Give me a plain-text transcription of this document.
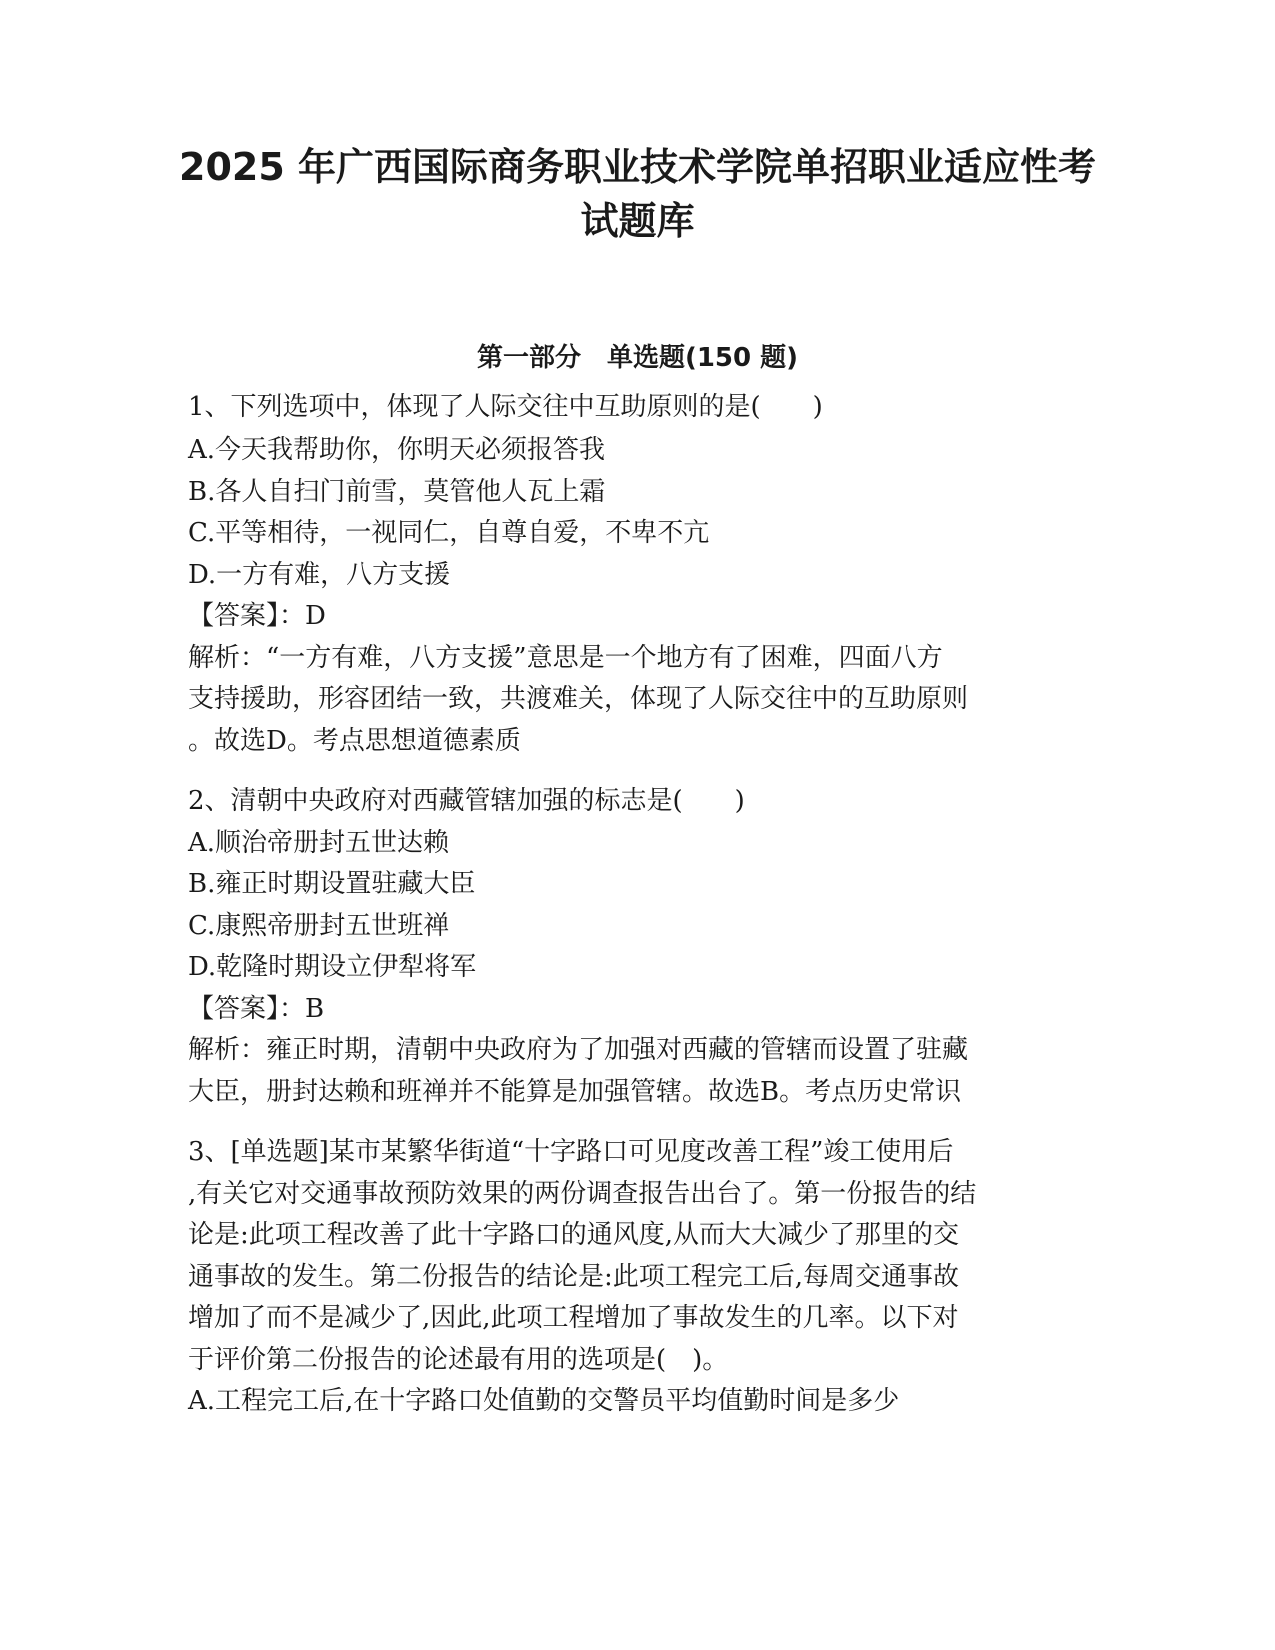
2025 年广西国际商务职业技术学院单招职业适应性考
试题库
第一部分　单选题(150 题)

1、下列选项中，体现了人际交往中互助原则的是(　　)

A.今天我帮助你，你明天必须报答我

B.各人自扫门前雪，莫管他人瓦上霜

C.平等相待，一视同仁，自尊自爱，不卑不亢

D.一方有难，八方支援

【答案】：D

解析：“一方有难，八方支援”意思是一个地方有了困难，四面八方

支持援助，形容团结一致，共渡难关，体现了人际交往中的互助原则

。故选D。考点思想道德素质

2、清朝中央政府对西藏管辖加强的标志是(　　)

A.顺治帝册封五世达赖

B.雍正时期设置驻藏大臣

C.康熙帝册封五世班禅

D.乾隆时期设立伊犁将军

【答案】：B

解析：雍正时期，清朝中央政府为了加强对西藏的管辖而设置了驻藏

大臣，册封达赖和班禅并不能算是加强管辖。故选B。考点历史常识

3、[单选题]某市某繁华街道“十字路口可见度改善工程”竣工使用后

,有关它对交通事故预防效果的两份调查报告出台了。第一份报告的结

论是:此项工程改善了此十字路口的通风度,从而大大减少了那里的交

通事故的发生。第二份报告的结论是:此项工程完工后,每周交通事故

增加了而不是减少了,因此,此项工程增加了事故发生的几率。以下对

于评价第二份报告的论述最有用的选项是(　)。

A.工程完工后,在十字路口处值勤的交警员平均值勤时间是多少
